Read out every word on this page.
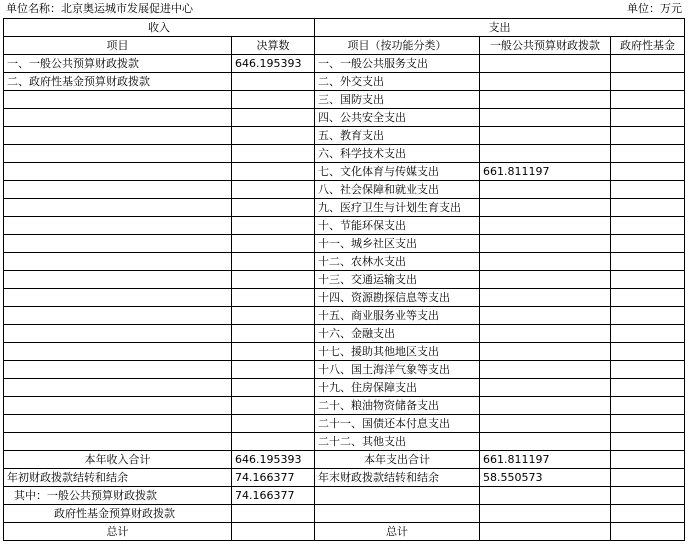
单位名称：北京奥运城市发展促进中心	单位：万元
收入		支出		
项目	决算数	项目（按功能分类）	一般公共预算财政拨款	政府性基金
一、一般公共预算财政拨款	646.195393	一、一般公共服务支出		
二、政府性基金预算财政拨款		二、外交支出		
		三、国防支出		
		四、公共安全支出		
		五、教育支出		
		六、科学技术支出		
		七、文化体育与传媒支出	661.811197	
		八、社会保障和就业支出		
		九、医疗卫生与计划生育支出		
		十、节能环保支出		
		十一、城乡社区支出		
		十二、农林水支出		
		十三、交通运输支出		
		十四、资源勘探信息等支出		
		十五、商业服务业等支出		
		十六、金融支出		
		十七、援助其他地区支出		
		十八、国土海洋气象等支出		
		十九、住房保障支出		
		二十、粮油物资储备支出		
		二十一、国债还本付息支出		
		二十二、其他支出		
本年收入合计	646.195393	本年支出合计	661.811197	
年初财政拨款结转和结余	74.166377	年末财政拨款结转和结余	58.550573	
其中：一般公共预算财政拨款	74.166377			
政府性基金预算财政拨款				
总计		总计		
